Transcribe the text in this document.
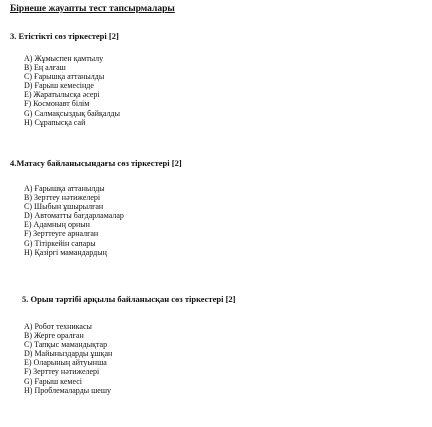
Бірнеше жауапты тест тапсырмалары
3. Етістікті сөз тіркестері [2]
A) Жұмыспен қамтылу
B) Ең алғаш
C) Ғарышқа аттанылды
D) Ғарыш кемесінде
E) Жаратылысқа әсері
F) Космонавт білім
G) Салмақсыздық байқалды
H) Сұрапысқа сай
4.Матасу байланысындағы сөз тіркестері [2]
A) Ғарышқа аттанылды
B) Зерттеу нәтижелері
C) Шыбын ұшырылған
D) Автоматты бағдарламалар
E) Адамның орнын
F) Зерттеуге арналған
G) Тітіркейін сапары
H) Қазіргі мамандардың
5. Орын тәртібі арқылы байланысқан сөз тіркестері [2]
A) Робот техникасы
B) Жерге оралған
C) Тапқыс мамандықтар
D) Майыныздарды ұшқан
E) Оларының айтуынша
F) Зерттеу нәтижелері
G) Ғарыш кемесі
H) Проблемаларды шешу
